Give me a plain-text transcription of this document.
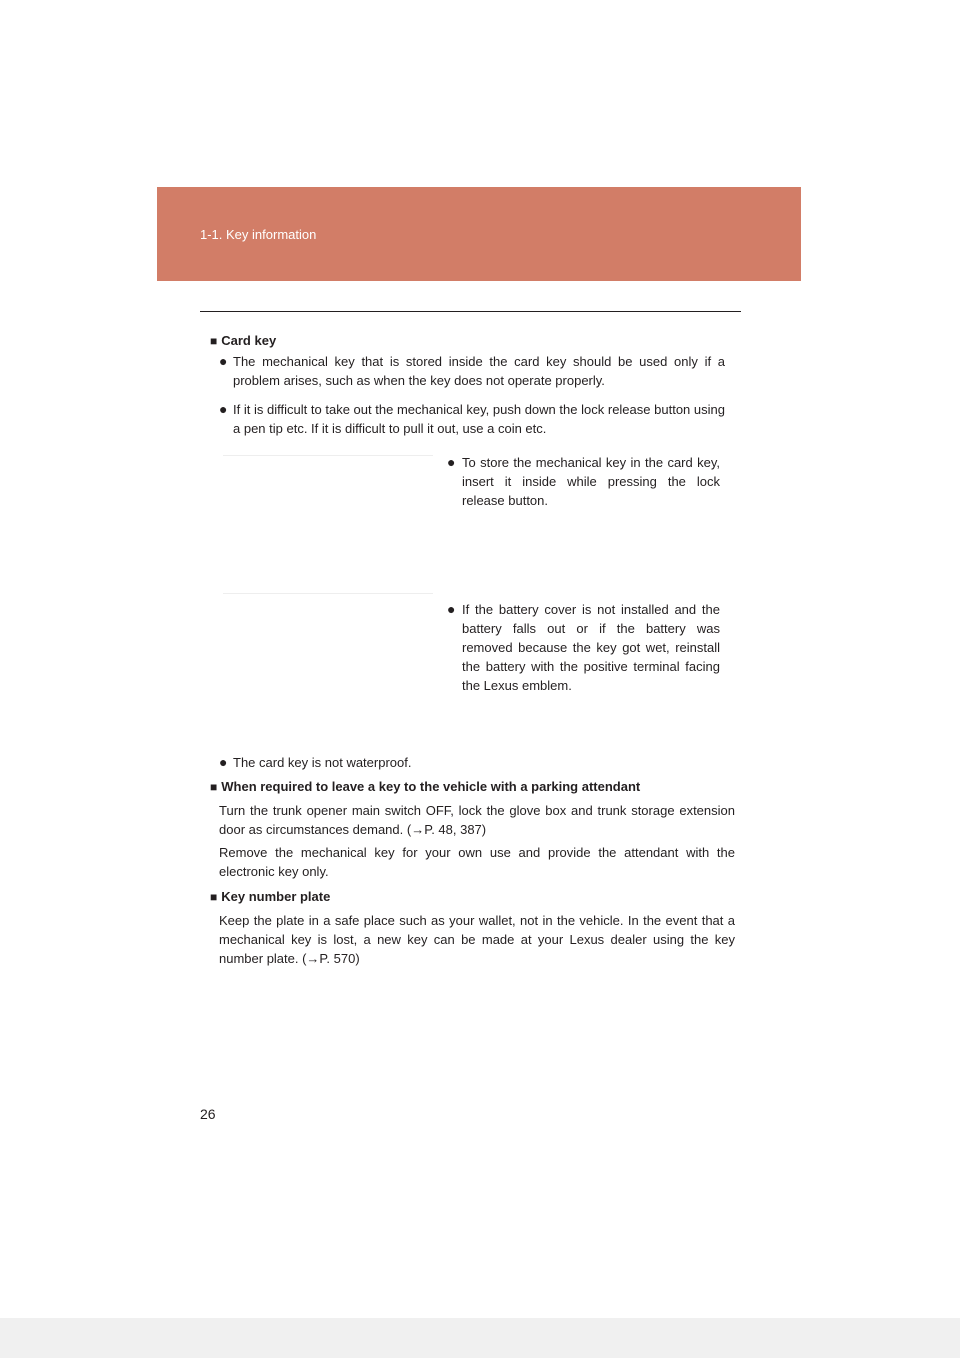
1-1. Key information
■ Card key
● The mechanical key that is stored inside the card key should be used only if a problem arises, such as when the key does not operate properly.
● If it is difficult to take out the mechanical key, push down the lock release button using a pen tip etc. If it is difficult to pull it out, use a coin etc.
● To store the mechanical key in the card key, insert it inside while pressing the lock release button.
● If the battery cover is not installed and the battery falls out or if the battery was removed because the key got wet, reinstall the battery with the positive terminal facing the Lexus emblem.
● The card key is not waterproof.
■ When required to leave a key to the vehicle with a parking attendant
Turn the trunk opener main switch OFF, lock the glove box and trunk storage extension door as circumstances demand. (→P. 48, 387)
Remove the mechanical key for your own use and provide the attendant with the electronic key only.
■ Key number plate
Keep the plate in a safe place such as your wallet, not in the vehicle. In the event that a mechanical key is lost, a new key can be made at your Lexus dealer using the key number plate. (→P. 570)
26
